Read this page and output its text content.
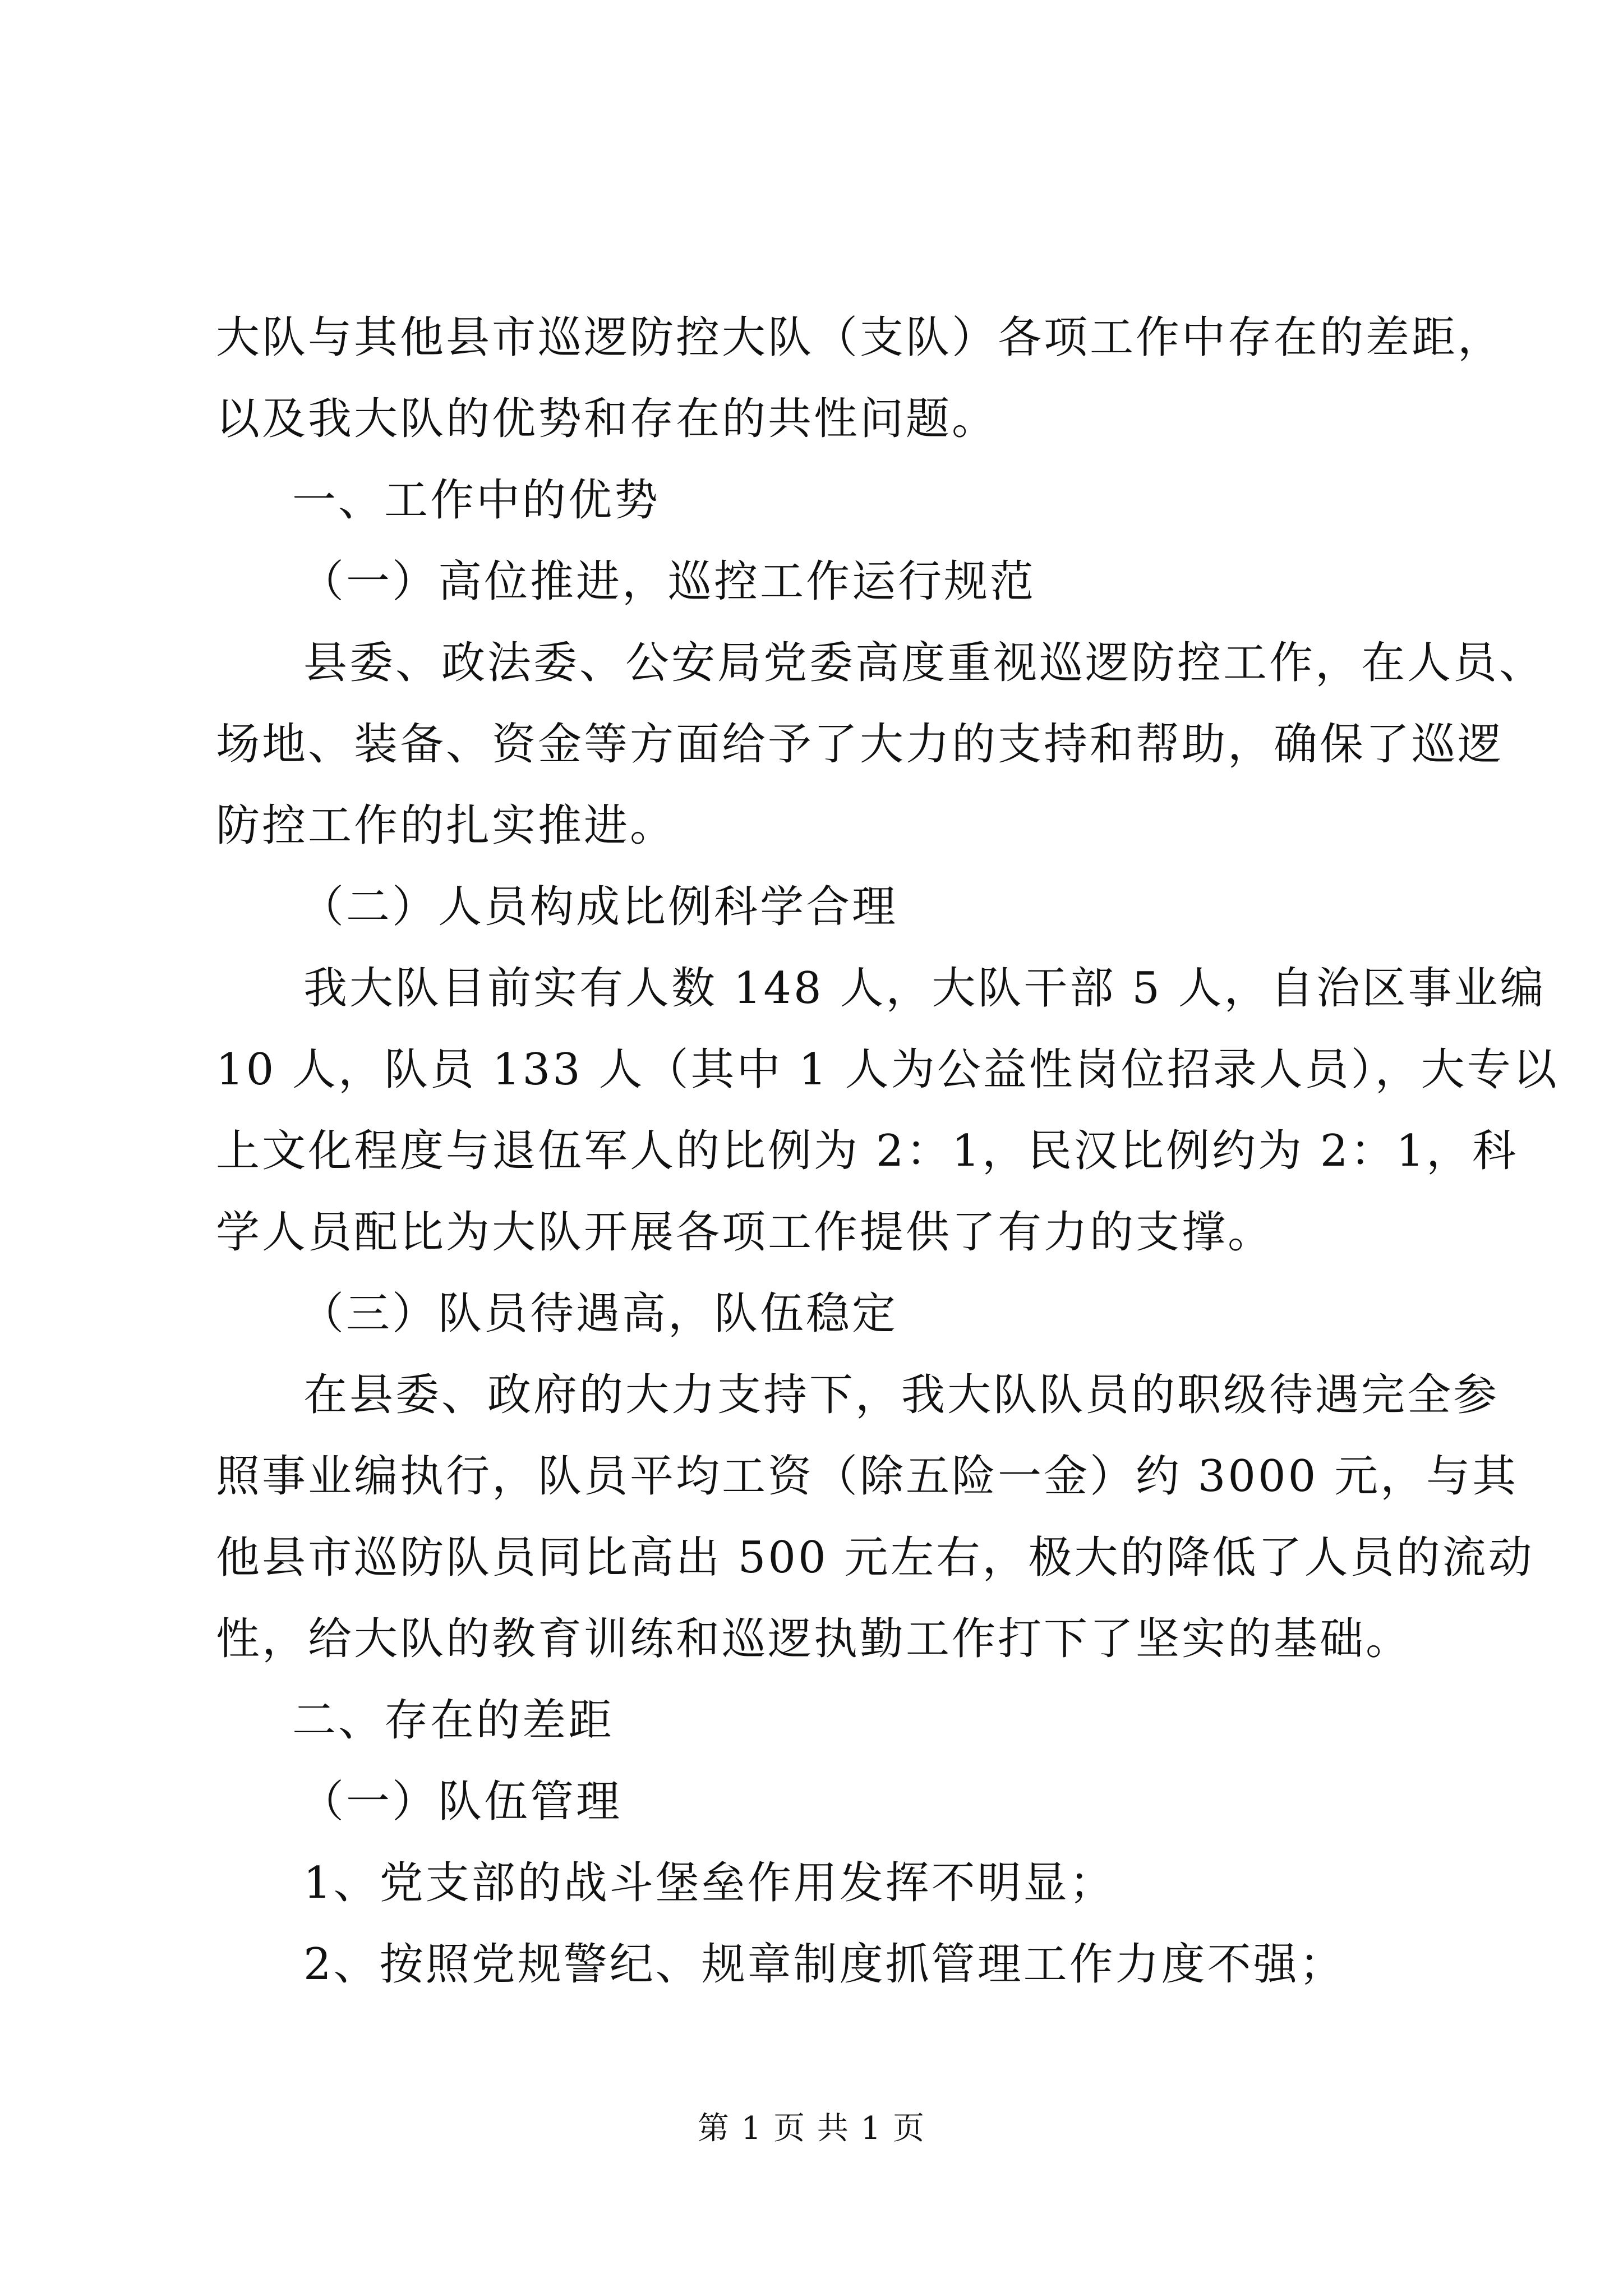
大队与其他县市巡逻防控大队（支队）各项工作中存在的差距，
以及我大队的优势和存在的共性问题。
一、工作中的优势
（一）高位推进，巡控工作运行规范
县委、政法委、公安局党委高度重视巡逻防控工作，在人员、
场地、装备、资金等方面给予了大力的支持和帮助，确保了巡逻
防控工作的扎实推进。
（二）人员构成比例科学合理
我大队目前实有人数 148 人，大队干部 5 人，自治区事业编
10 人，队员 133 人（其中 1 人为公益性岗位招录人员），大专以
上文化程度与退伍军人的比例为 2：1，民汉比例约为 2：1，科
学人员配比为大队开展各项工作提供了有力的支撑。
（三）队员待遇高，队伍稳定
在县委、政府的大力支持下，我大队队员的职级待遇完全参
照事业编执行，队员平均工资（除五险一金）约 3000 元，与其
他县市巡防队员同比高出 500 元左右，极大的降低了人员的流动
性，给大队的教育训练和巡逻执勤工作打下了坚实的基础。
二、存在的差距
（一）队伍管理
1、党支部的战斗堡垒作用发挥不明显；
2、按照党规警纪、规章制度抓管理工作力度不强；
第 1 页 共 1 页
